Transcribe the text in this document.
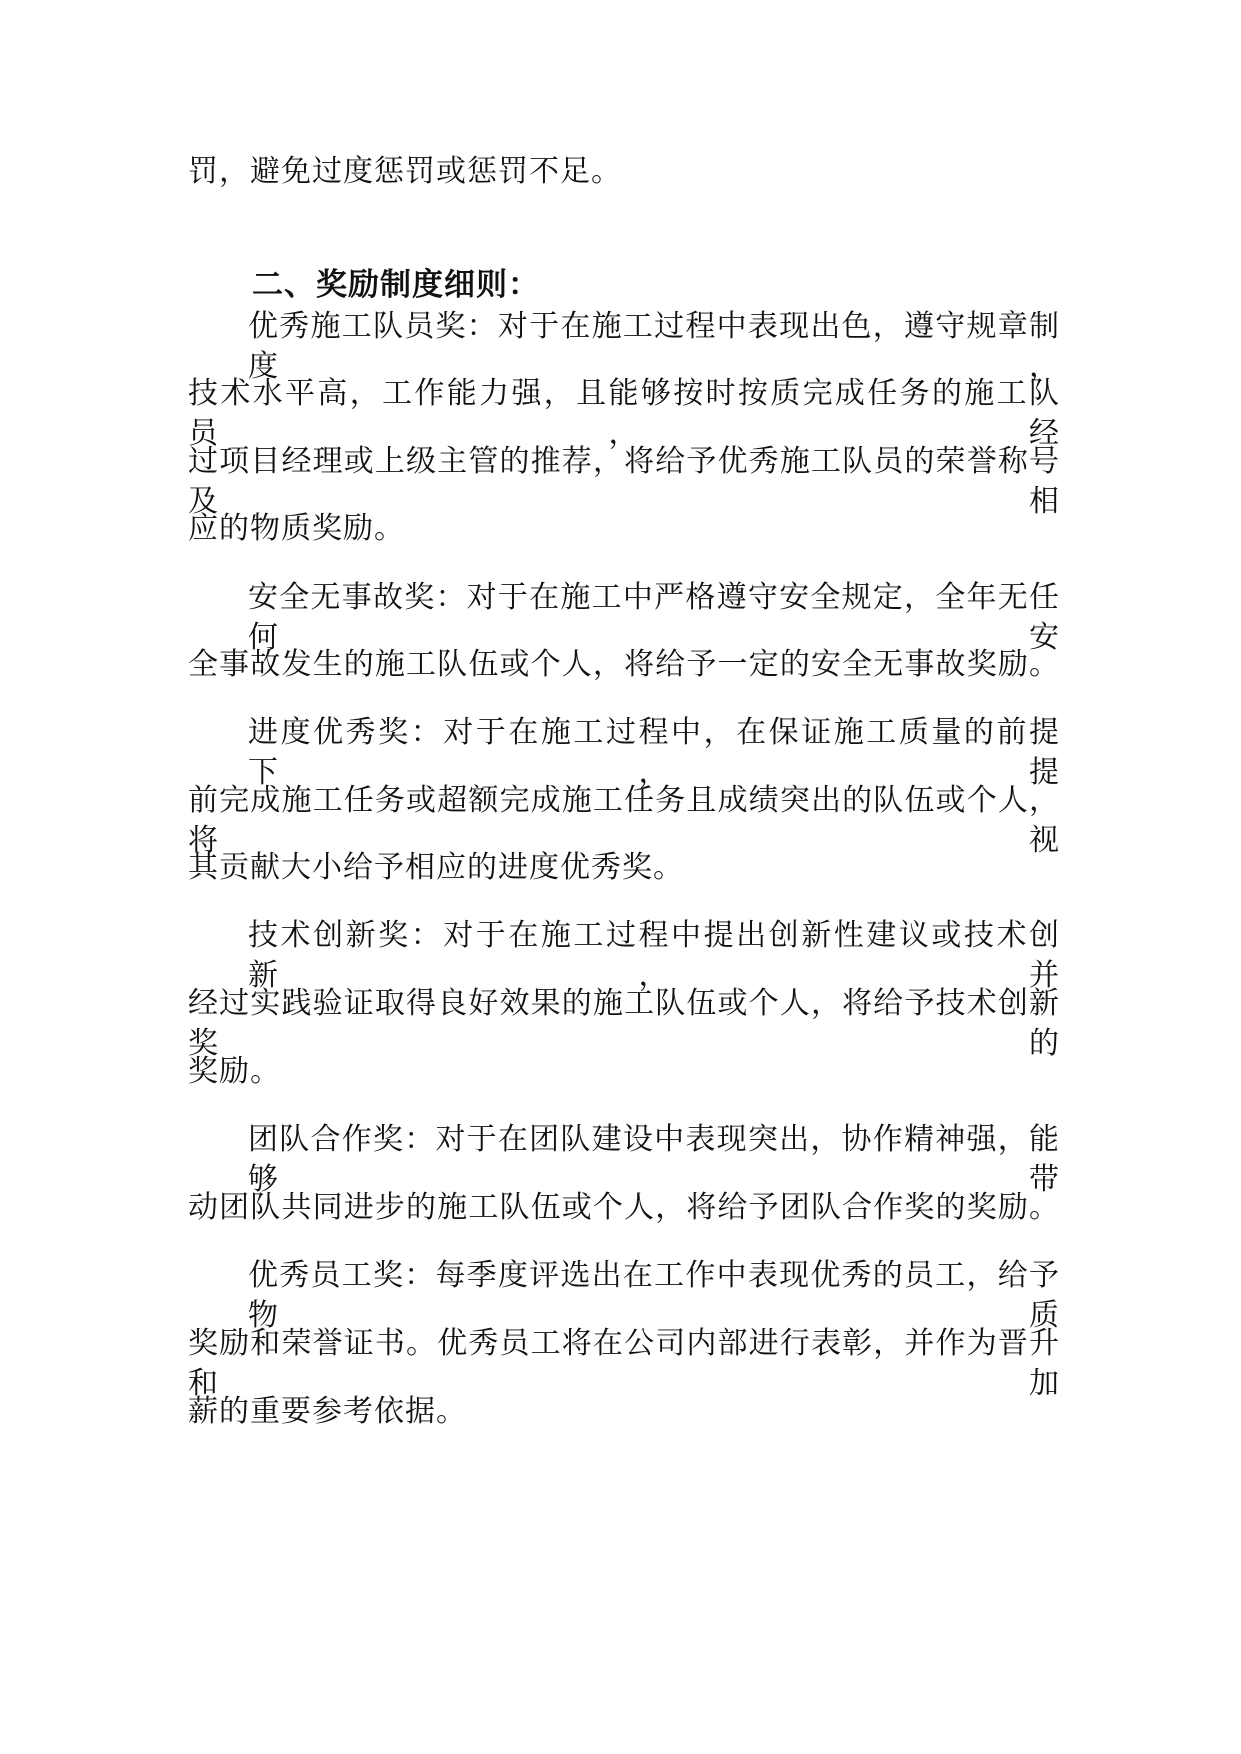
罚，避免过度惩罚或惩罚不足。

二、奖励制度细则：

优秀施工队员奖：对于在施工过程中表现出色，遵守规章制度，

技术水平高，工作能力强，且能够按时按质完成任务的施工队员，经

过项目经理或上级主管的推荐，将给予优秀施工队员的荣誉称号及相

应的物质奖励。

安全无事故奖：对于在施工中严格遵守安全规定，全年无任何安

全事故发生的施工队伍或个人，将给予一定的安全无事故奖励。

进度优秀奖：对于在施工过程中，在保证施工质量的前提下，提

前完成施工任务或超额完成施工任务且成绩突出的队伍或个人，将视

其贡献大小给予相应的进度优秀奖。

技术创新奖：对于在施工过程中提出创新性建议或技术创新，并

经过实践验证取得良好效果的施工队伍或个人，将给予技术创新奖的

奖励。

团队合作奖：对于在团队建设中表现突出，协作精神强，能够带

动团队共同进步的施工队伍或个人，将给予团队合作奖的奖励。

优秀员工奖：每季度评选出在工作中表现优秀的员工，给予物质

奖励和荣誉证书。优秀员工将在公司内部进行表彰，并作为晋升和加

薪的重要参考依据。
